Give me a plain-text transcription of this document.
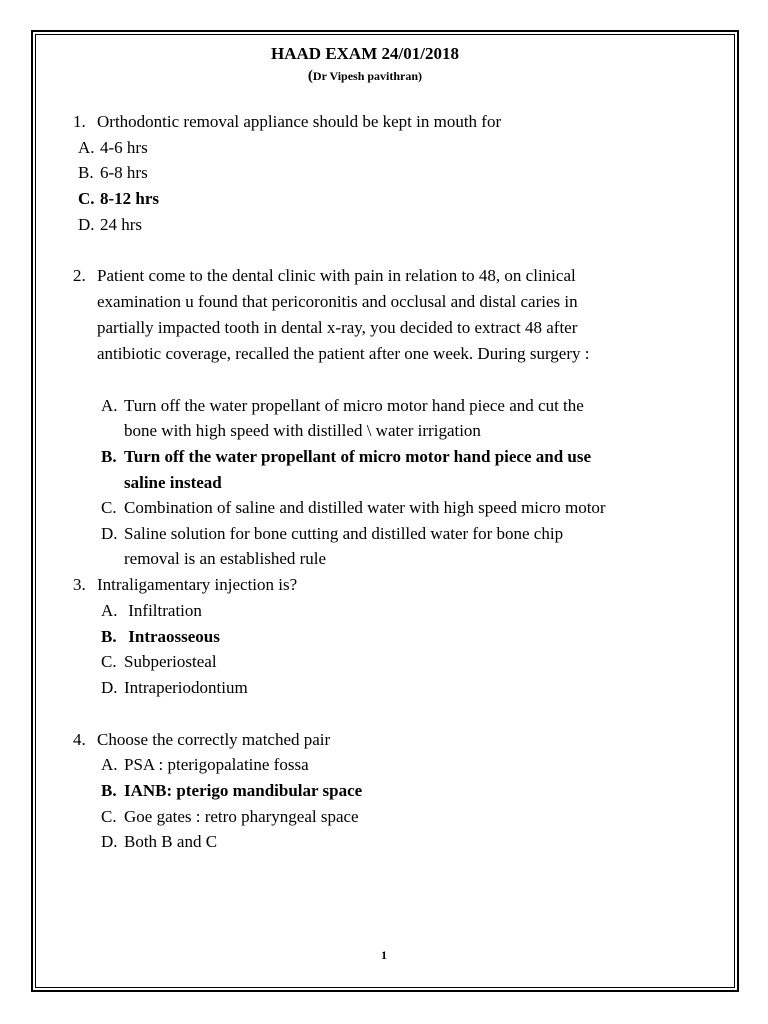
HAAD EXAM 24/01/2018
(Dr Vipesh pavithran)
1. Orthodontic removal appliance should be kept in mouth for
A. 4-6 hrs
B. 6-8 hrs
C. 8-12 hrs
D. 24 hrs
2. Patient come to the dental clinic with pain in relation to 48, on clinical
examination u found that pericoronitis and occlusal and distal caries in
partially impacted tooth in dental x-ray, you decided to extract 48 after
antibiotic coverage, recalled the patient after one week. During surgery :
A. Turn off the water propellant of micro motor hand piece and cut the
bone with high speed with distilled \ water irrigation
B. Turn off the water propellant of micro motor hand piece and use
saline instead
C. Combination of saline and distilled water with high speed micro motor
D. Saline solution for bone cutting and distilled water for bone chip
removal is an established rule
3. Intraligamentary injection is?
A. Infiltration
B. Intraosseous
C. Subperiosteal
D. Intraperiodontium
4. Choose the correctly matched pair
A. PSA : pterigopalatine fossa
B. IANB: pterigo mandibular space
C. Goe gates : retro pharyngeal space
D. Both B and C
1
